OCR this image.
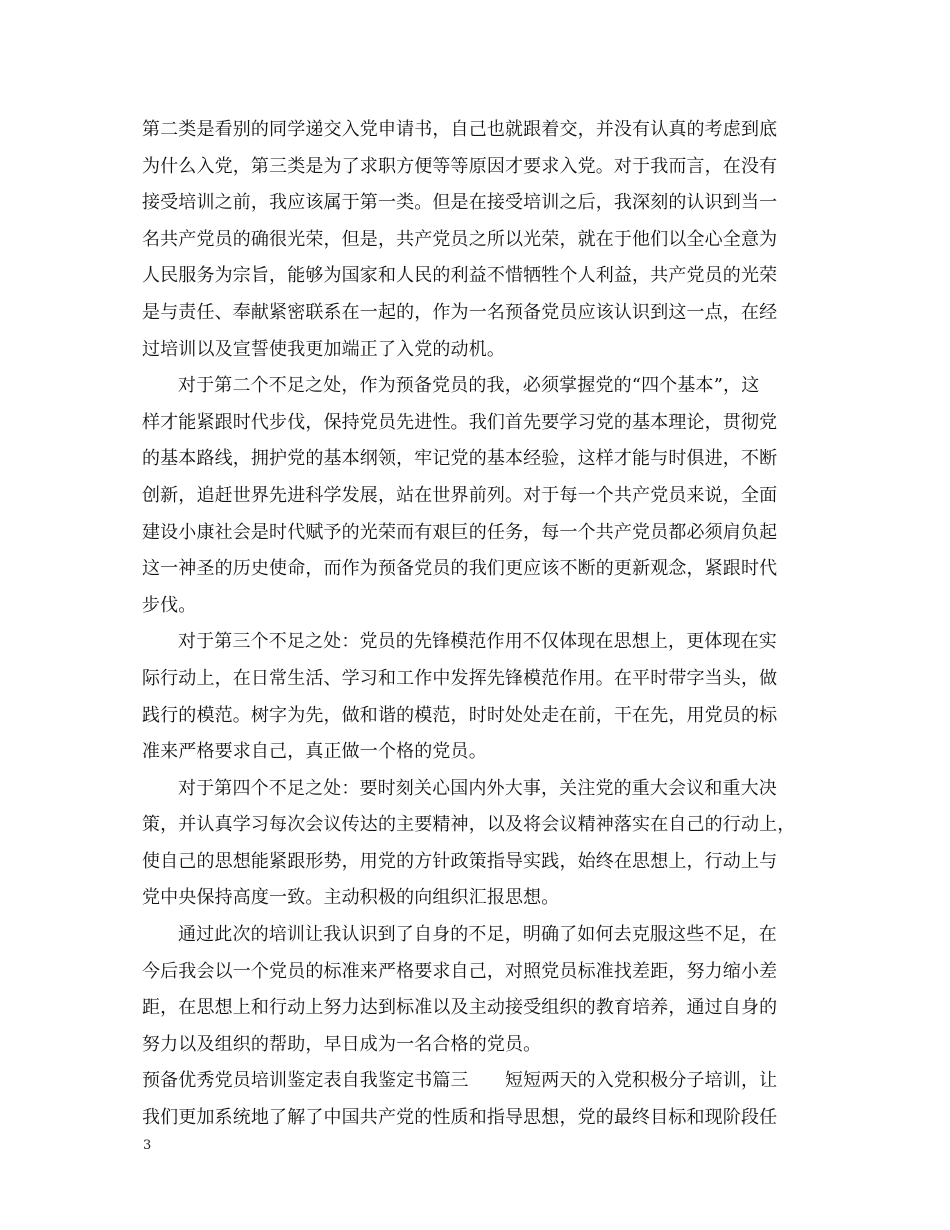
第二类是看别的同学递交入党申请书，自己也就跟着交，并没有认真的考虑到底
为什么入党，第三类是为了求职方便等等原因才要求入党。对于我而言，在没有
接受培训之前，我应该属于第一类。但是在接受培训之后，我深刻的认识到当一
名共产党员的确很光荣，但是，共产党员之所以光荣，就在于他们以全心全意为
人民服务为宗旨，能够为国家和人民的利益不惜牺牲个人利益，共产党员的光荣
是与责任、奉献紧密联系在一起的，作为一名预备党员应该认识到这一点，在经
过培训以及宣誓使我更加端正了入党的动机。
对于第二个不足之处，作为预备党员的我，必须掌握党的“四个基本”，这
样才能紧跟时代步伐，保持党员先进性。我们首先要学习党的基本理论，贯彻党
的基本路线，拥护党的基本纲领，牢记党的基本经验，这样才能与时俱进，不断
创新，追赶世界先进科学发展，站在世界前列。对于每一个共产党员来说，全面
建设小康社会是时代赋予的光荣而有艰巨的任务，每一个共产党员都必须肩负起
这一神圣的历史使命，而作为预备党员的我们更应该不断的更新观念，紧跟时代
步伐。
对于第三个不足之处：党员的先锋模范作用不仅体现在思想上，更体现在实
际行动上，在日常生活、学习和工作中发挥先锋模范作用。在平时带字当头，做
践行的模范。树字为先，做和谐的模范，时时处处走在前，干在先，用党员的标
准来严格要求自己，真正做一个格的党员。
对于第四个不足之处：要时刻关心国内外大事，关注党的重大会议和重大决
策，并认真学习每次会议传达的主要精神，以及将会议精神落实在自己的行动上，
使自己的思想能紧跟形势，用党的方针政策指导实践，始终在思想上，行动上与
党中央保持高度一致。主动积极的向组织汇报思想。
通过此次的培训让我认识到了自身的不足，明确了如何去克服这些不足，在
今后我会以一个党员的标准来严格要求自己，对照党员标准找差距，努力缩小差
距，在思想上和行动上努力达到标准以及主动接受组织的教育培养，通过自身的
努力以及组织的帮助，早日成为一名合格的党员。
预备优秀党员培训鉴定表自我鉴定书篇三　　短短两天的入党积极分子培训，让
我们更加系统地了解了中国共产党的性质和指导思想，党的最终目标和现阶段任
3
